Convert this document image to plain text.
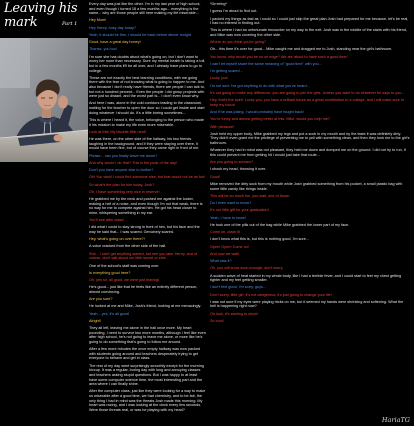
Leaving his mark	Part 1

Every day was just like the other. I'm in my last year of high school, and even though I turned 18 a few months ago... everything is the same... why are those people still here making my life miserable...

Hey Mom!

Hey Henry, busy day today?

Yeah, it should be fine, I should be back before dinner tonight.

Good, have a great day honey!

Thanks, you too!

I'm sure she has doubts about what's going on, but I don't want to worry her more than necessary. Sure my mental health is taking a toll, but in a few months it'll be all over, and I already have plans to go to college.

These are not exactly the best learning conditions, with me going there with the fear of not knowing what is going to happen to me. And also because I don't really have friends, there are people I can talk to, but not a hundred percent... Even the people I did group projects with were just so distant, and the worst part is... I don't even know why.

And here I was, alone in the cold corridors leading to the classroom, waiting for the teacher to open the door so I could get inside and start doing whatever I should do. It's a little boring sometimes...

This is where I heard it, the voice, belonging to the person who made it his mission to make my life even more miserable.

Look at this! My favorite little nerd!

He was there, on the other side of the hallway, his two friends laughing in the background, and if they were staying over there, it would have been fine, but of course they came right in front of me.

Please... can you finally leave me alone?

And why would I do that? This is the peak of the day!

Don't you have anyone else to bother?

Oh! You wish! I could find someone else, but that would not be as fun!

So what's the plan for him today, Josh?

Oh, I have something very nice in reserve!

He grabbed me by the neck and pushed me against the locker, making a hell of a noise, and even though I'm not that weak, there is no way for me to compete against him. He got his head closer to mine, whispering something in my ear.

You'll see after class!

I did what I could to stay strong in front of him, but his face and the way he said that... I was scared. Genuinely scared.

Hey, what's going on over there?!

A voice cracked from the other side of the hall.

Shit... I can't get anything started, but see you later Henry, and of course, don't talk about our little secret or else...

One of the school's staff was coming over.

Is everything good here?

Oh, yes sir, all good, we were just leaving!

He's good... just like that he feels like an entirely different person, almost convincing.

Are you sure?

He looked at me and Mike, Josh's friend, looking at me menacingly.

Yeah... yes, it's all good!

Alright!

They all left, leaving me alone in the hall once more. My heart pounding, I need to survive two more months, although I feel like even after high school, he's not going to leave me alone, or more like he's going to do something that's going to follow me around.

After a few more minutes the once empty hallway was now packed with students going around and teachers desperately trying to get everyone to behave and get in class.

The rest of my day went surprisingly smoothly except for the morning hiccup. It was a regular, boring day with long and annoying classes and teachers asking stupid questions. But I was happy to at least have some computer science time, the most interesting part and the area where I can finally shine.

After the computer class, just like they were looking for a way to make us miserable after a good time, we had chemistry, and to be fair, the only thing I had in mind was the threats Josh made this morning. My heart was racing, and I was looking at the clock every few seconds. Were those threats real, or was he playing with my head?

*Drrrrring*

I guess I'm about to find out.

I packed my things as fast as I could so I could just skip the great plan Josh had prepared for me because, let's be real, I had no interest in finding out.

This is where I had an unfortunate encounter on my way to the exit. Josh was in the middle of the stairs with his friend, and Mike was now covering the other side.

Where do you think you're going?

Oh... this time it's over for good... Mike caught me and dragged me to Josh, standing near the girl's bathroom.

You know, why would you be so on edge? We are about to have such a good time!

I can't let myself share the same meaning of "good time" with you...

I'm getting scared...

Lucky you!

I'm not sure I've got anything to do with what you've heard...

It's not going to make any difference, you are going to join the girls. Unless you want to do whatever he says to you...

Hey, that's the spirit. Lucky you, you have a brilliant future as a great contribution to a college, and I will make sure to keep my focus!

And if he was joking, I would probably have fought back!

You're funny and almost getting better at this, Mike, would you help me?

With pleasure!

Josh held my upper body, Mike grabbed my legs and put a sock in my mouth and by the taste it was definitely dirty. They didn't even grant me the privilege of preventing me to yell with something clean, and then they took me to the girl's bathroom.

Whatever they had in mind was not pleasant, they held me down and dumped me on the ground. I did not try to run, if this could prevent me from getting hit I would just take that route...

Are you going to scream?

I shook my head, throwing it over.

Good!

Mike removed the dirty sock from my mouth while Josh grabbed something from his pocket, a small plastic bag with some little candy like things inside.

This will be so much fun, you wait, one of those...

Do I even want to know?

It's our little gift for your graduation!

Yeah, I have to know!

He took one of the pills out of the bag while Mike grabbed the lower part of my face.

Come on, down it!

I don't know what this is, but this is nothing good, I'm sure...

Open! Open! Come on!

And now we wait!

What was it?

Oh, you will know soon enough, don't worry.

A sudden wave of heat started in my whole body, like I had a terrible fever, and I could start to feel my chest getting tighter and my feet getting smaller.

I don't feel good, I'm sorry, guys...

Don't worry, little girl, it's not dangerous, it's just going to change your life!

I was not sure if my eyes were playing tricks on me, but it seemed my hands were shrinking and softening. What the hell is happening right now?

Oh look, it's starting to show!

So cool!

HariaTG
